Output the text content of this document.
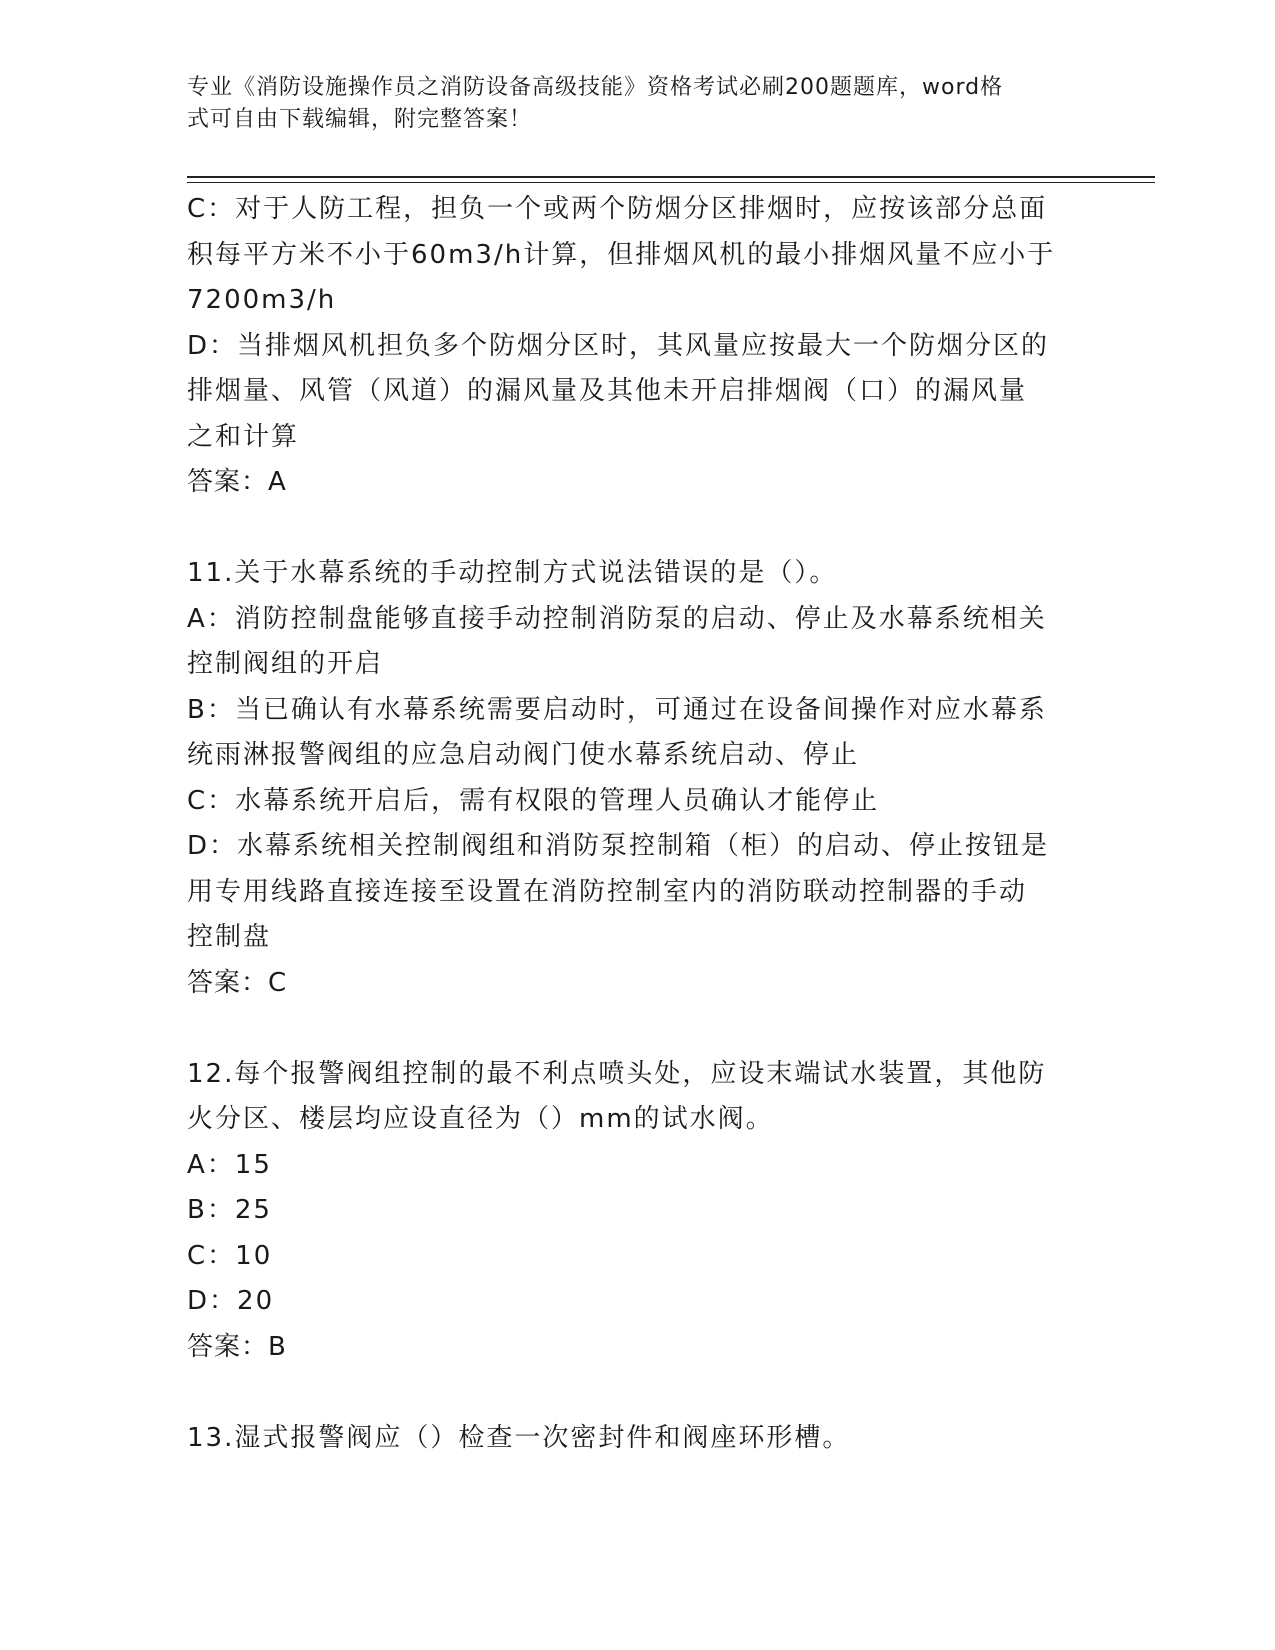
专业《消防设施操作员之消防设备高级技能》资格考试必刷200题题库，word格
式可自由下载编辑，附完整答案！
C：对于人防工程，担负一个或两个防烟分区排烟时，应按该部分总面
积每平方米不小于60m3/h计算，但排烟风机的最小排烟风量不应小于
7200m3/h
D：当排烟风机担负多个防烟分区时，其风量应按最大一个防烟分区的
排烟量、风管（风道）的漏风量及其他未开启排烟阀（口）的漏风量
之和计算
答案：A
11.关于水幕系统的手动控制方式说法错误的是（）。
A：消防控制盘能够直接手动控制消防泵的启动、停止及水幕系统相关
控制阀组的开启
B：当已确认有水幕系统需要启动时，可通过在设备间操作对应水幕系
统雨淋报警阀组的应急启动阀门使水幕系统启动、停止
C：水幕系统开启后，需有权限的管理人员确认才能停止
D：水幕系统相关控制阀组和消防泵控制箱（柜）的启动、停止按钮是
用专用线路直接连接至设置在消防控制室内的消防联动控制器的手动
控制盘
答案：C
12.每个报警阀组控制的最不利点喷头处，应设末端试水装置，其他防
火分区、楼层均应设直径为（）mm的试水阀。
A：15
B：25
C：10
D：20
答案：B
13.湿式报警阀应（）检查一次密封件和阀座环形槽。
